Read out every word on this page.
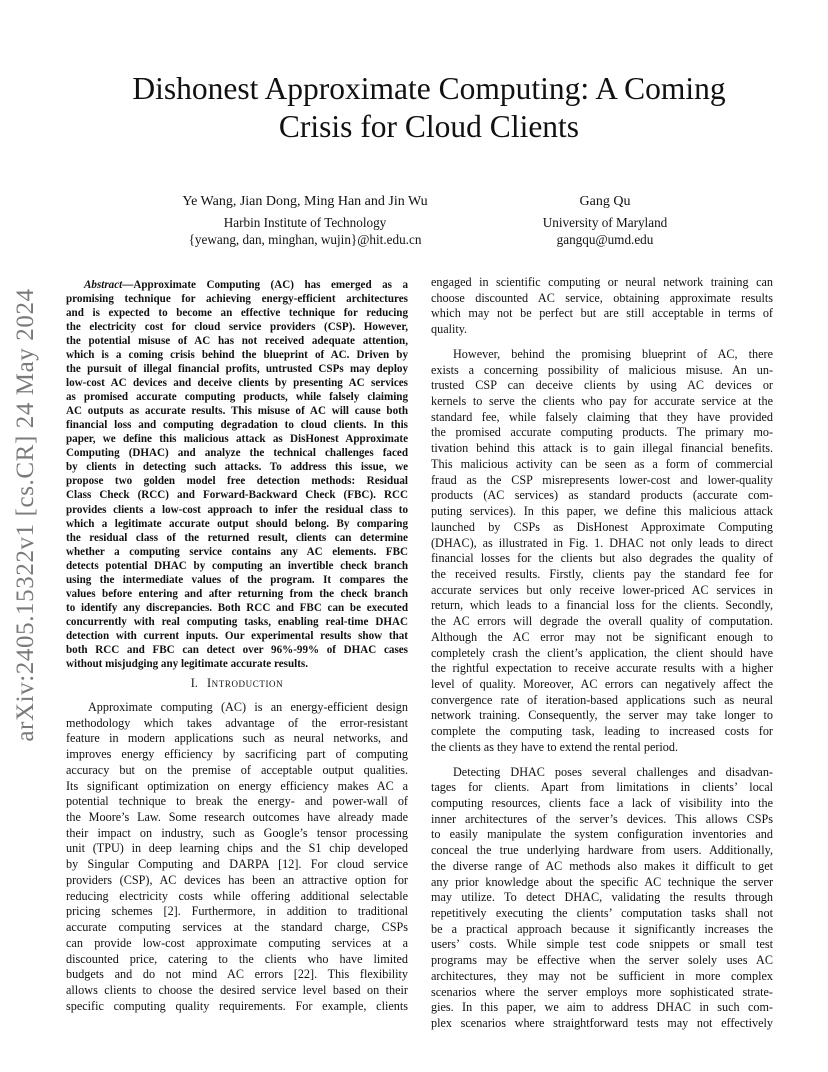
arXiv:2405.15322v1 [cs.CR] 24 May 2024
Dishonest Approximate Computing: A Coming
Crisis for Cloud Clients
Ye Wang, Jian Dong, Ming Han and Jin Wu
Harbin Institute of Technology
{yewang, dan, minghan, wujin}@hit.edu.cn
Gang Qu
University of Maryland
gangqu@umd.edu
Abstract—Approximate Computing (AC) has emerged as a
promising technique for achieving energy-efficient architectures
and is expected to become an effective technique for reducing
the electricity cost for cloud service providers (CSP). However,
the potential misuse of AC has not received adequate attention,
which is a coming crisis behind the blueprint of AC. Driven by
the pursuit of illegal financial profits, untrusted CSPs may deploy
low-cost AC devices and deceive clients by presenting AC services
as promised accurate computing products, while falsely claiming
AC outputs as accurate results. This misuse of AC will cause both
financial loss and computing degradation to cloud clients. In this
paper, we define this malicious attack as DisHonest Approximate
Computing (DHAC) and analyze the technical challenges faced
by clients in detecting such attacks. To address this issue, we
propose two golden model free detection methods: Residual
Class Check (RCC) and Forward-Backward Check (FBC). RCC
provides clients a low-cost approach to infer the residual class to
which a legitimate accurate output should belong. By comparing
the residual class of the returned result, clients can determine
whether a computing service contains any AC elements. FBC
detects potential DHAC by computing an invertible check branch
using the intermediate values of the program. It compares the
values before entering and after returning from the check branch
to identify any discrepancies. Both RCC and FBC can be executed
concurrently with real computing tasks, enabling real-time DHAC
detection with current inputs. Our experimental results show that
both RCC and FBC can detect over 96%-99% of DHAC cases
without misjudging any legitimate accurate results.
I. Introduction
Approximate computing (AC) is an energy-efficient design
methodology which takes advantage of the error-resistant
feature in modern applications such as neural networks, and
improves energy efficiency by sacrificing part of computing
accuracy but on the premise of acceptable output qualities.
Its significant optimization on energy efficiency makes AC a
potential technique to break the energy- and power-wall of
the Moore’s Law. Some research outcomes have already made
their impact on industry, such as Google’s tensor processing
unit (TPU) in deep learning chips and the S1 chip developed
by Singular Computing and DARPA [12]. For cloud service
providers (CSP), AC devices has been an attractive option for
reducing electricity costs while offering additional selectable
pricing schemes [2]. Furthermore, in addition to traditional
accurate computing services at the standard charge, CSPs
can provide low-cost approximate computing services at a
discounted price, catering to the clients who have limited
budgets and do not mind AC errors [22]. This flexibility
allows clients to choose the desired service level based on their
specific computing quality requirements. For example, clients
engaged in scientific computing or neural network training can
choose discounted AC service, obtaining approximate results
which may not be perfect but are still acceptable in terms of
quality.
However, behind the promising blueprint of AC, there
exists a concerning possibility of malicious misuse. An un-
trusted CSP can deceive clients by using AC devices or
kernels to serve the clients who pay for accurate service at the
standard fee, while falsely claiming that they have provided
the promised accurate computing products. The primary mo-
tivation behind this attack is to gain illegal financial benefits.
This malicious activity can be seen as a form of commercial
fraud as the CSP misrepresents lower-cost and lower-quality
products (AC services) as standard products (accurate com-
puting services). In this paper, we define this malicious attack
launched by CSPs as DisHonest Approximate Computing
(DHAC), as illustrated in Fig. 1. DHAC not only leads to direct
financial losses for the clients but also degrades the quality of
the received results. Firstly, clients pay the standard fee for
accurate services but only receive lower-priced AC services in
return, which leads to a financial loss for the clients. Secondly,
the AC errors will degrade the overall quality of computation.
Although the AC error may not be significant enough to
completely crash the client’s application, the client should have
the rightful expectation to receive accurate results with a higher
level of quality. Moreover, AC errors can negatively affect the
convergence rate of iteration-based applications such as neural
network training. Consequently, the server may take longer to
complete the computing task, leading to increased costs for
the clients as they have to extend the rental period.
Detecting DHAC poses several challenges and disadvan-
tages for clients. Apart from limitations in clients’ local
computing resources, clients face a lack of visibility into the
inner architectures of the server’s devices. This allows CSPs
to easily manipulate the system configuration inventories and
conceal the true underlying hardware from users. Additionally,
the diverse range of AC methods also makes it difficult to get
any prior knowledge about the specific AC technique the server
may utilize. To detect DHAC, validating the results through
repetitively executing the clients’ computation tasks shall not
be a practical approach because it significantly increases the
users’ costs. While simple test code snippets or small test
programs may be effective when the server solely uses AC
architectures, they may not be sufficient in more complex
scenarios where the server employs more sophisticated strate-
gies. In this paper, we aim to address DHAC in such com-
plex scenarios where straightforward tests may not effectively
